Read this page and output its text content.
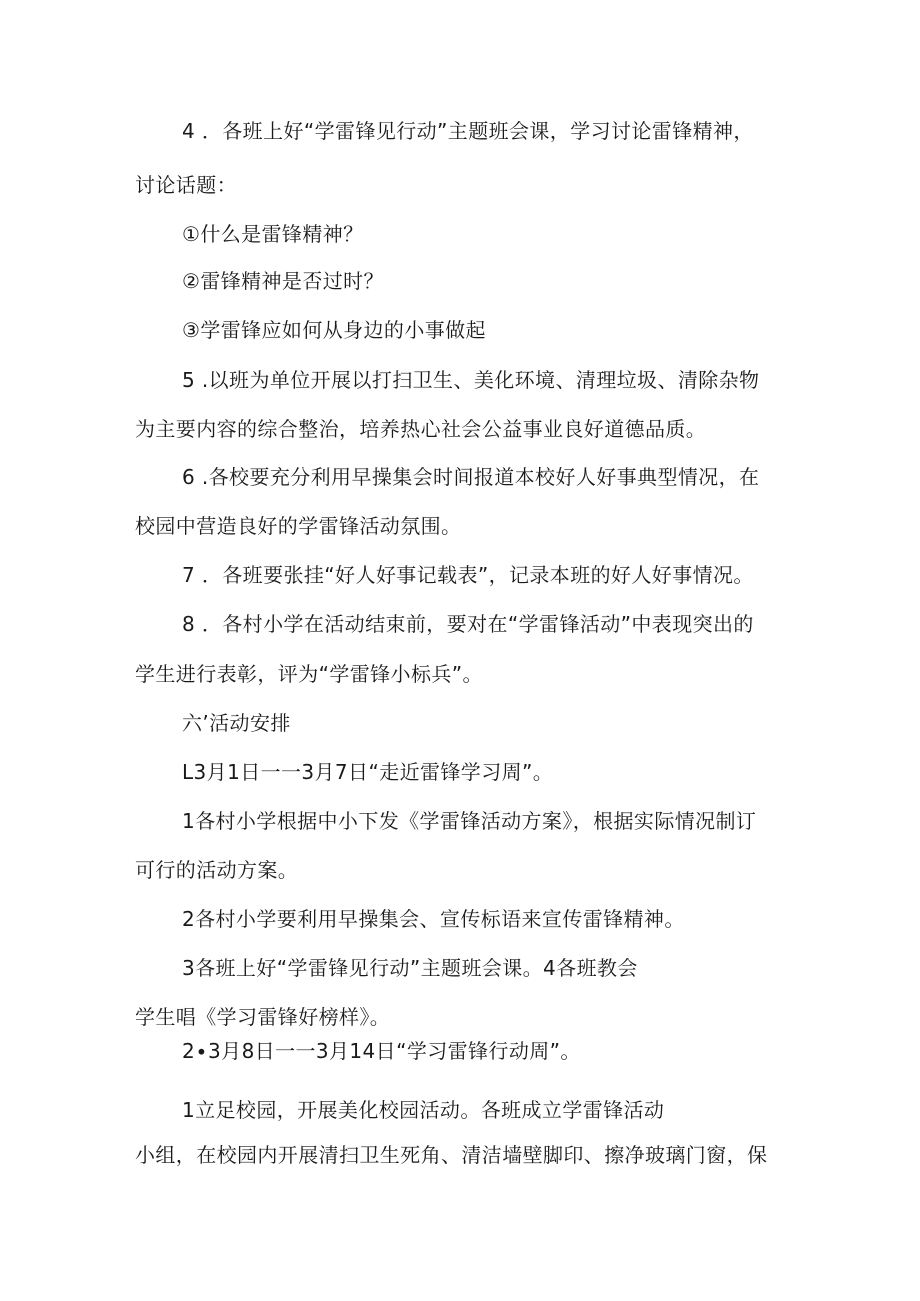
4 ．各班上好“学雷锋见行动”主题班会课，学习讨论雷锋精神，
讨论话题：
①什么是雷锋精神？
②雷锋精神是否过时？
③学雷锋应如何从身边的小事做起
5 .以班为单位开展以打扫卫生、美化环境、清理垃圾、清除杂物
为主要内容的综合整治，培养热心社会公益事业良好道德品质。
6 .各校要充分利用早操集会时间报道本校好人好事典型情况，在
校园中营造良好的学雷锋活动氛围。
7 ．各班要张挂“好人好事记载表”，记录本班的好人好事情况。
8 ．各村小学在活动结束前，要对在“学雷锋活动”中表现突出的
学生进行表彰，评为“学雷锋小标兵”。
六’活动安排
L3月1日一一3月7日“走近雷锋学习周”。
1各村小学根据中小下发《学雷锋活动方案》，根据实际情况制订
可行的活动方案。
2各村小学要利用早操集会、宣传标语来宣传雷锋精神。
3各班上好“学雷锋见行动”主题班会课。4各班教会
学生唱《学习雷锋好榜样》。
2∙3月8日一一3月14日“学习雷锋行动周”。
1立足校园，开展美化校园活动。各班成立学雷锋活动
小组，在校园内开展清扫卫生死角、清洁墙壁脚印、擦净玻璃门窗，保
